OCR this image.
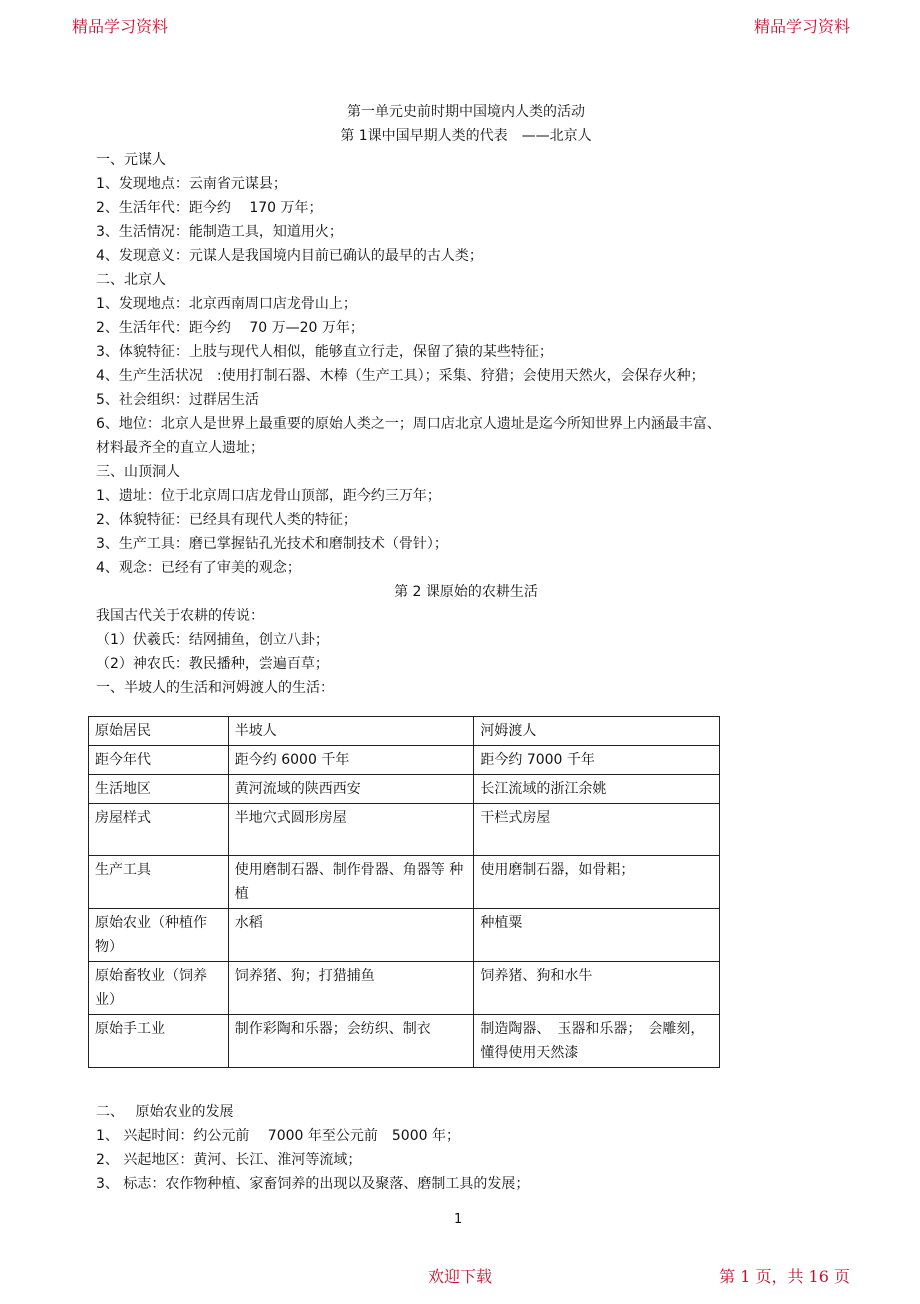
精品学习资料	精品学习资料
第一单元史前时期中国境内人类的活动
第 1课中国早期人类的代表　——北京人
一、元谋人
1、发现地点：云南省元谋县；
2、生活年代：距今约　 170 万年；
3、生活情况：能制造工具，知道用火；
4、发现意义：元谋人是我国境内目前已确认的最早的古人类；
二、北京人
1、发现地点：北京西南周口店龙骨山上；
2、生活年代：距今约　 70 万—20 万年；
3、体貌特征：上肢与现代人相似，能够直立行走，保留了猿的某些特征；
4、生产生活状况　:使用打制石器、木棒（生产工具）；采集、狩猎；会使用天然火，会保存火种；
5、社会组织：过群居生活
6、地位：北京人是世界上最重要的原始人类之一；周口店北京人遗址是迄今所知世界上内涵最丰富、
材料最齐全的直立人遗址；
三、山顶洞人
1、遗址：位于北京周口店龙骨山顶部，距今约三万年；
2、体貌特征：已经具有现代人类的特征；
3、生产工具：磨已掌握钻孔光技术和磨制技术（骨针）；
4、观念：已经有了审美的观念；
第 2 课原始的农耕生活
我国古代关于农耕的传说：
（1）伏羲氏：结网捕鱼，创立八卦；
（2）神农氏：教民播种，尝遍百草；
一、半坡人的生活和河姆渡人的生活：
原始居民	半坡人	河姆渡人
距今年代	距今约 6000 千年	距今约 7000 千年
生活地区	黄河流域的陕西西安	长江流域的浙江余姚
房屋样式	半地穴式圆形房屋	干栏式房屋
生产工具	使用磨制石器、制作骨器、角器等 种植	使用磨制石器，如骨耜；
原始农业（种植作物）	水稻	种植粟
原始畜牧业（饲养业）	饲养猪、狗；打猎捕鱼	饲养猪、狗和水牛
原始手工业	制作彩陶和乐器；会纺织、制衣	制造陶器、　玉器和乐器；　会雕刻，懂得使用天然漆
二、　 原始农业的发展
1、 兴起时间：约公元前　 7000 年至公元前　5000 年；
2、 兴起地区：黄河、长江、淮河等流域；
3、 标志：农作物种植、家畜饲养的出现以及聚落、磨制工具的发展；
1
欢迎下载	第 1 页，共 16 页
